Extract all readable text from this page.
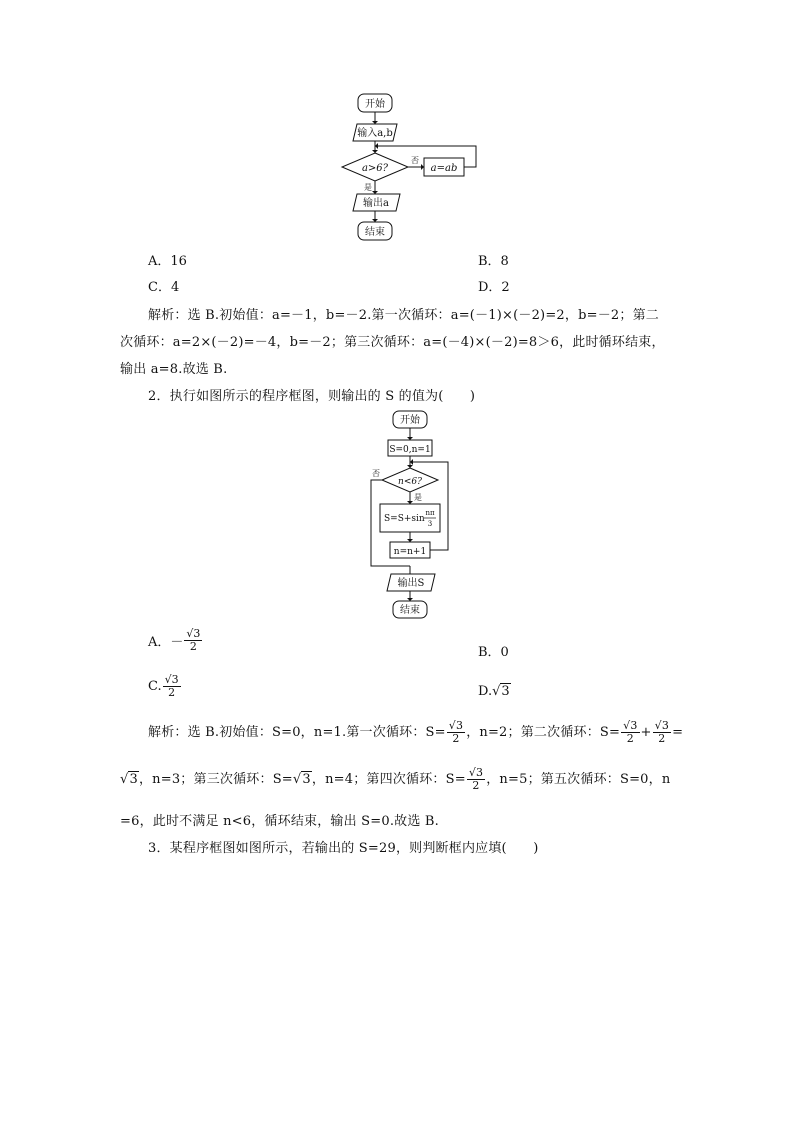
开始
输入a,b
a>6?
否
a=ab
是
输出a
结束
A．16	B．8
C．4	D．2
解析：选 B.初始值：a=－1，b=－2.第一次循环：a=(－1)×(－2)=2，b=－2；第二
次循环：a=2×(－2)=－4，b=－2；第三次循环：a=(－4)×(－2)=8＞6，此时循环结束，
输出 a=8.故选 B.
2．执行如图所示的程序框图，则输出的 S 的值为(　　)
开始
S=0,n=1
n<6?
否
是
S=S+sin
nπ
3
n=n+1
输出S
结束
A．－ $\frac{√3}{2}$	B．0
C. $\frac{√3}{2}$	D.√3
解析：选 B.初始值：S=0，n=1.第一次循环：$S= \frac{√3}{2}$ ，n=2；第二次循环：$S= \frac{√3}{2} + \frac{√3}{2}$ =
√3，n=3；第三次循环：S=√3，n=4；第四次循环：$S= \frac{√3}{2}$ ，n=5；第五次循环：S=0，n
=6，此时不满足 n<6，循环结束，输出 S=0.故选 B.
3．某程序框图如图所示，若输出的 S=29，则判断框内应填(　　)
